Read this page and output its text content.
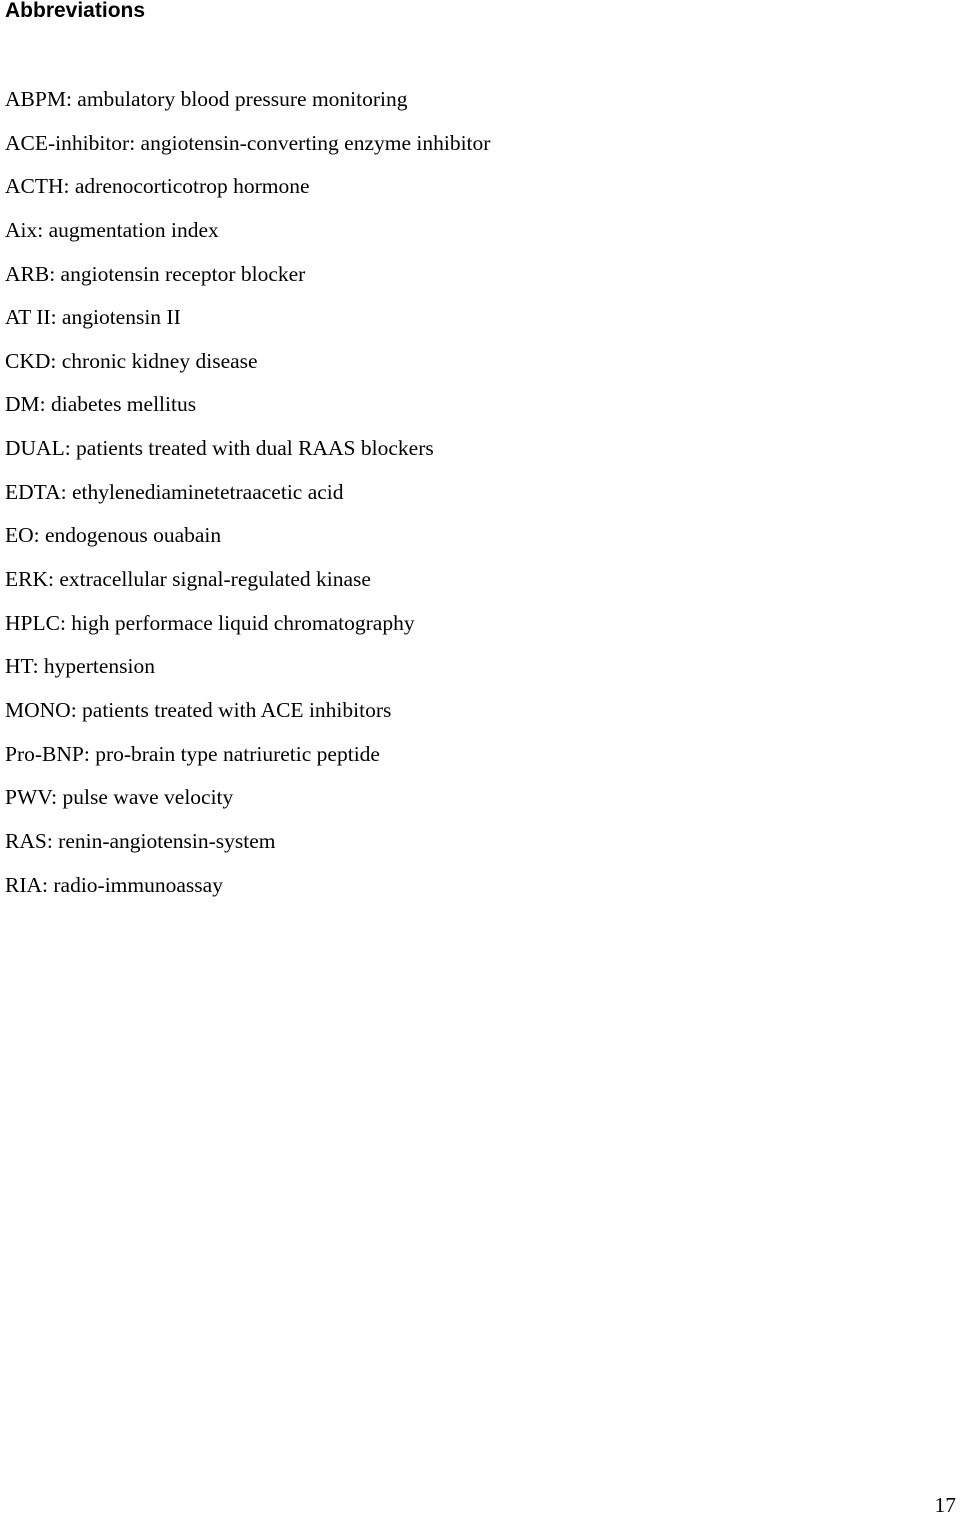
Abbreviations
ABPM: ambulatory blood pressure monitoring
ACE-inhibitor: angiotensin-converting enzyme inhibitor
ACTH: adrenocorticotrop hormone
Aix: augmentation index
ARB: angiotensin receptor blocker
AT II: angiotensin II
CKD: chronic kidney disease
DM: diabetes mellitus
DUAL: patients treated with dual RAAS blockers
EDTA: ethylenediaminetetraacetic acid
EO: endogenous ouabain
ERK: extracellular signal-regulated kinase
HPLC: high performace liquid chromatography
HT: hypertension
MONO: patients treated with ACE inhibitors
Pro-BNP: pro-brain type natriuretic peptide
PWV: pulse wave velocity
RAS: renin-angiotensin-system
RIA: radio-immunoassay
17
